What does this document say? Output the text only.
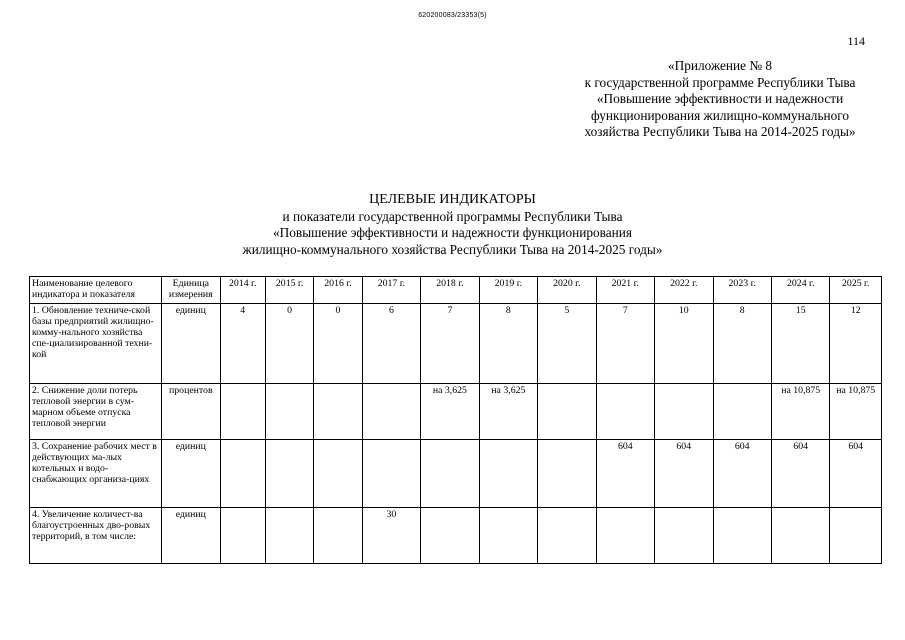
620200083/23353(5)
114
«Приложение № 8
к государственной программе Республики Тыва
«Повышение эффективности и надежности
функционирования жилищно-коммунального
хозяйства Республики Тыва на 2014-2025 годы»
ЦЕЛЕВЫЕ ИНДИКАТОРЫ
и показатели государственной программы Республики Тыва
«Повышение эффективности и надежности функционирования
жилищно-коммунального хозяйства Республики Тыва на 2014-2025 годы»
Наименование целевого индикатора и показателя	Единица измерения	2014 г.	2015 г.	2016 г.	2017 г.	2018 г.	2019 г.	2020 г.	2021 г.	2022 г.	2023 г.	2024 г.	2025 г.
1. Обновление техниче-ской базы предприятий жилищно-комму-нального хозяйства спе-циализированной техни-кой	единиц	4	0	0	6	7	8	5	7	10	8	15	12
2. Снижение доли потерь тепловой энергии в сум-марном объеме отпуска тепловой энергии	процентов					на 3,625	на 3,625					на 10,875	на 10,875
3. Сохранение рабочих мест в действующих ма-лых котельных и водо-снабжающих организа-циях	единиц								604	604	604	604	604
4. Увеличение количест-ва благоустроенных дво-ровых территорий, в том числе:	единиц				30								
